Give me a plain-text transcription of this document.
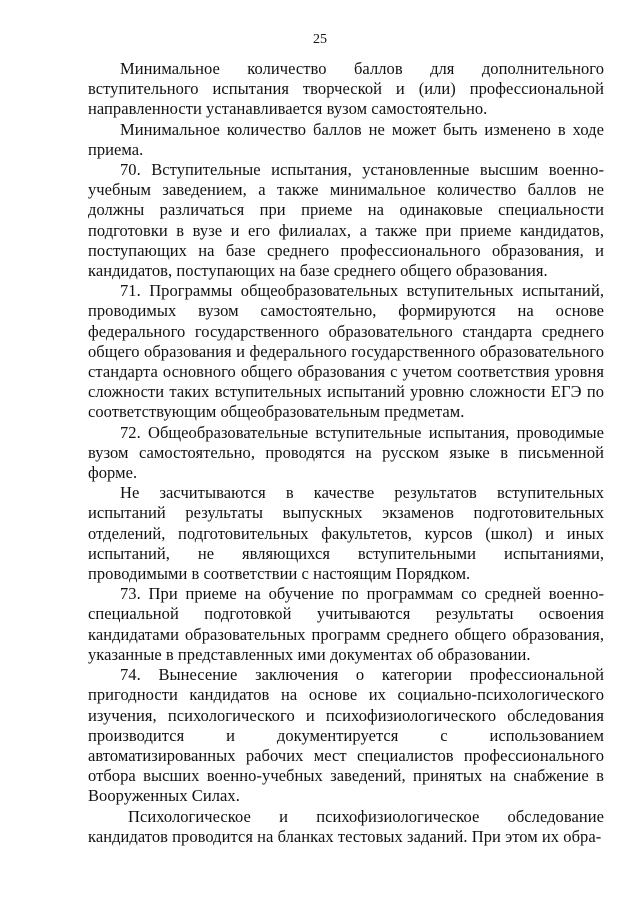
25

Минимальное количество баллов для дополнительного вступительного испытания творческой и (или) профессиональной направленности устанавливается вузом самостоятельно.

Минимальное количество баллов не может быть изменено в ходе приема.

70. Вступительные испытания, установленные высшим военно-учебным заведением, а также минимальное количество баллов не должны различаться при приеме на одинаковые специальности подготовки в вузе и его филиалах, а также при приеме кандидатов, поступающих на базе среднего профессионального образования, и кандидатов, поступающих на базе среднего общего образования.

71. Программы общеобразовательных вступительных испытаний, проводимых вузом самостоятельно, формируются на основе федерального государственного образовательного стандарта среднего общего образования и федерального государственного образовательного стандарта основного общего образования с учетом соответствия уровня сложности таких вступительных испытаний уровню сложности ЕГЭ по соответствующим общеобразовательным предметам.

72. Общеобразовательные вступительные испытания, проводимые вузом самостоятельно, проводятся на русском языке в письменной форме.

Не засчитываются в качестве результатов вступительных испытаний результаты выпускных экзаменов подготовительных отделений, подготовительных факультетов, курсов (школ) и иных испытаний, не являющихся вступительными испытаниями, проводимыми в соответствии с настоящим Порядком.

73. При приеме на обучение по программам со средней военно-специальной подготовкой учитываются результаты освоения кандидатами образовательных программ среднего общего образования, указанные в представленных ими документах об образовании.

74. Вынесение заключения о категории профессиональной пригодности кандидатов на основе их социально-психологического изучения, психологического и психофизиологического обследования производится и документируется с использованием автоматизированных рабочих мест специалистов профессионального отбора высших военно-учебных заведений, принятых на снабжение в Вооруженных Силах.

Психологическое и психофизиологическое обследование кандидатов проводится на бланках тестовых заданий. При этом их обра-
